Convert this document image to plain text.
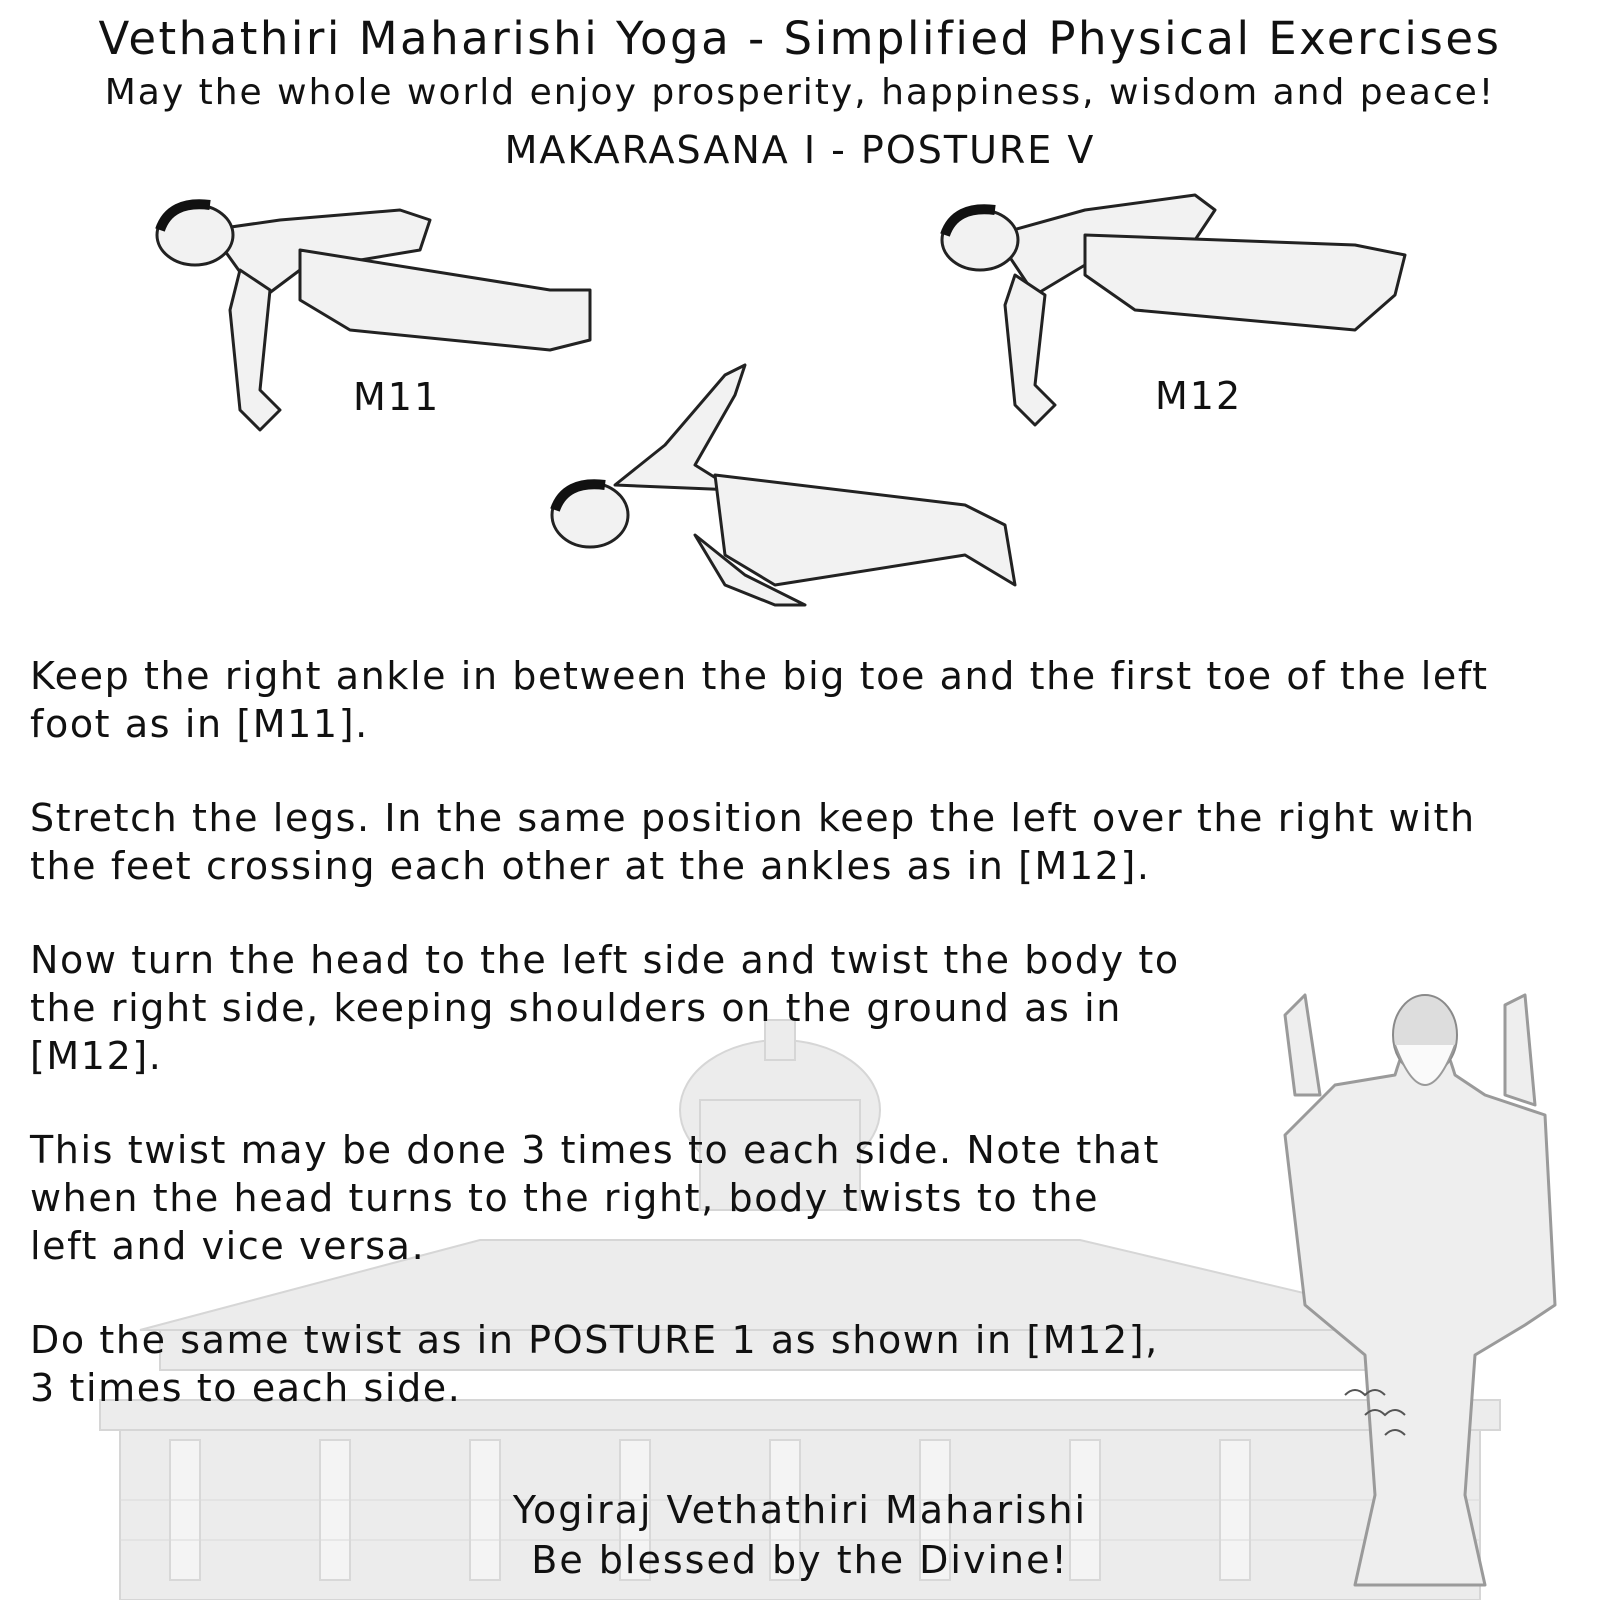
Vethathiri Maharishi Yoga - Simplified Physical Exercises
May the whole world enjoy prosperity, happiness, wisdom and peace!
MAKARASANA I - POSTURE V
M11	M12
Keep the right ankle in between the big toe and the first toe of the left
foot as in [M11].
Stretch the legs. In the same position keep the left over the right with
the feet crossing each other at the ankles as in [M12].
Now turn the head to the left side and twist the body to
the right side, keeping shoulders on the ground as in
[M12].
This twist may be done 3 times to each side. Note that
when the head turns to the right, body twists to the
left and vice versa.
Do the same twist as in POSTURE 1 as shown in [M12],
3 times to each side.
Yogiraj Vethathiri Maharishi
Be blessed by the Divine!
